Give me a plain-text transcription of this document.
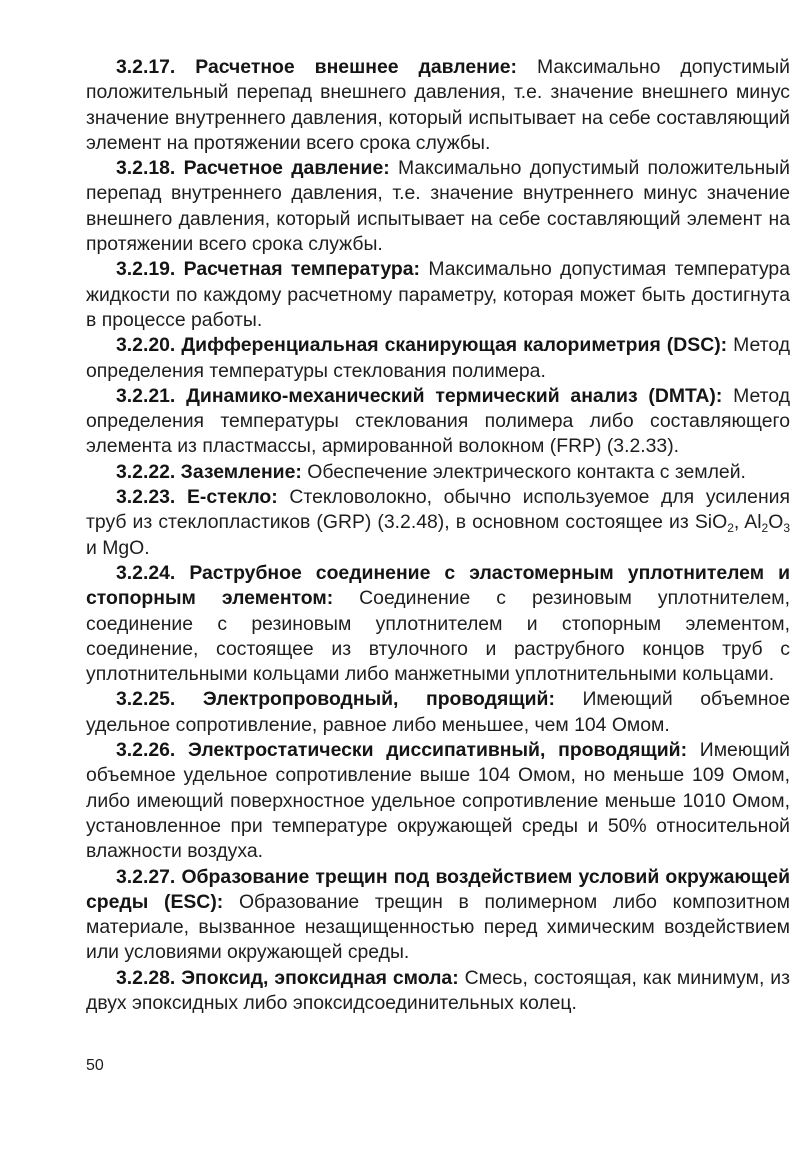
3.2.17. Расчетное внешнее давление: Максимально допустимый положительный перепад внешнего давления, т.е. значение внешнего минус значение внутреннего давления, который испытывает на себе составляющий элемент на протяжении всего срока службы.

3.2.18. Расчетное давление: Максимально допустимый положительный перепад внутреннего давления, т.е. значение внутреннего минус значение внешнего давления, который испытывает на себе составляющий элемент на протяжении всего срока службы.

3.2.19. Расчетная температура: Максимально допустимая температура жидкости по каждому расчетному параметру, которая может быть достигнута в процессе работы.

3.2.20. Дифференциальная сканирующая калориметрия (DSC): Метод определения температуры стеклования полимера.

3.2.21. Динамико-механический термический анализ (DMTA): Метод определения температуры стеклования полимера либо составляющего элемента из пластмассы, армированной волокном (FRP) (3.2.33).

3.2.22. Заземление: Обеспечение электрического контакта с землей.

3.2.23. Е-стекло: Стекловолокно, обычно используемое для усиления труб из стеклопластиков (GRP) (3.2.48), в основном состоящее из SiO$_2$, $Al_2O_3$ и MgO.

3.2.24. Раструбное соединение с эластомерным уплотнителем и стопорным элементом: Соединение с резиновым уплотнителем, соединение с резиновым уплотнителем и стопорным элементом, соединение, состоящее из втулочного и раструбного концов труб с уплотнительными кольцами либо манжетными уплотнительными кольцами.

3.2.25. Электропроводный, проводящий: Имеющий объемное удельное сопротивление, равное либо меньшее, чем 104 Омом.

3.2.26. Электростатически диссипативный, проводящий: Имеющий объемное удельное сопротивление выше 104 Омом, но меньше 109 Омом, либо имеющий поверхностное удельное сопротивление меньше 1010 Омом, установленное при температуре окружающей среды и 50% относительной влажности воздуха.

3.2.27. Образование трещин под воздействием условий окружающей среды (ESC): Образование трещин в полимерном либо композитном материале, вызванное незащищенностью перед химическим воздействием или условиями окружающей среды.

3.2.28. Эпоксид, эпоксидная смола: Смесь, состоящая, как минимум, из двух эпоксидных либо эпоксидсоединительных колец.

50
